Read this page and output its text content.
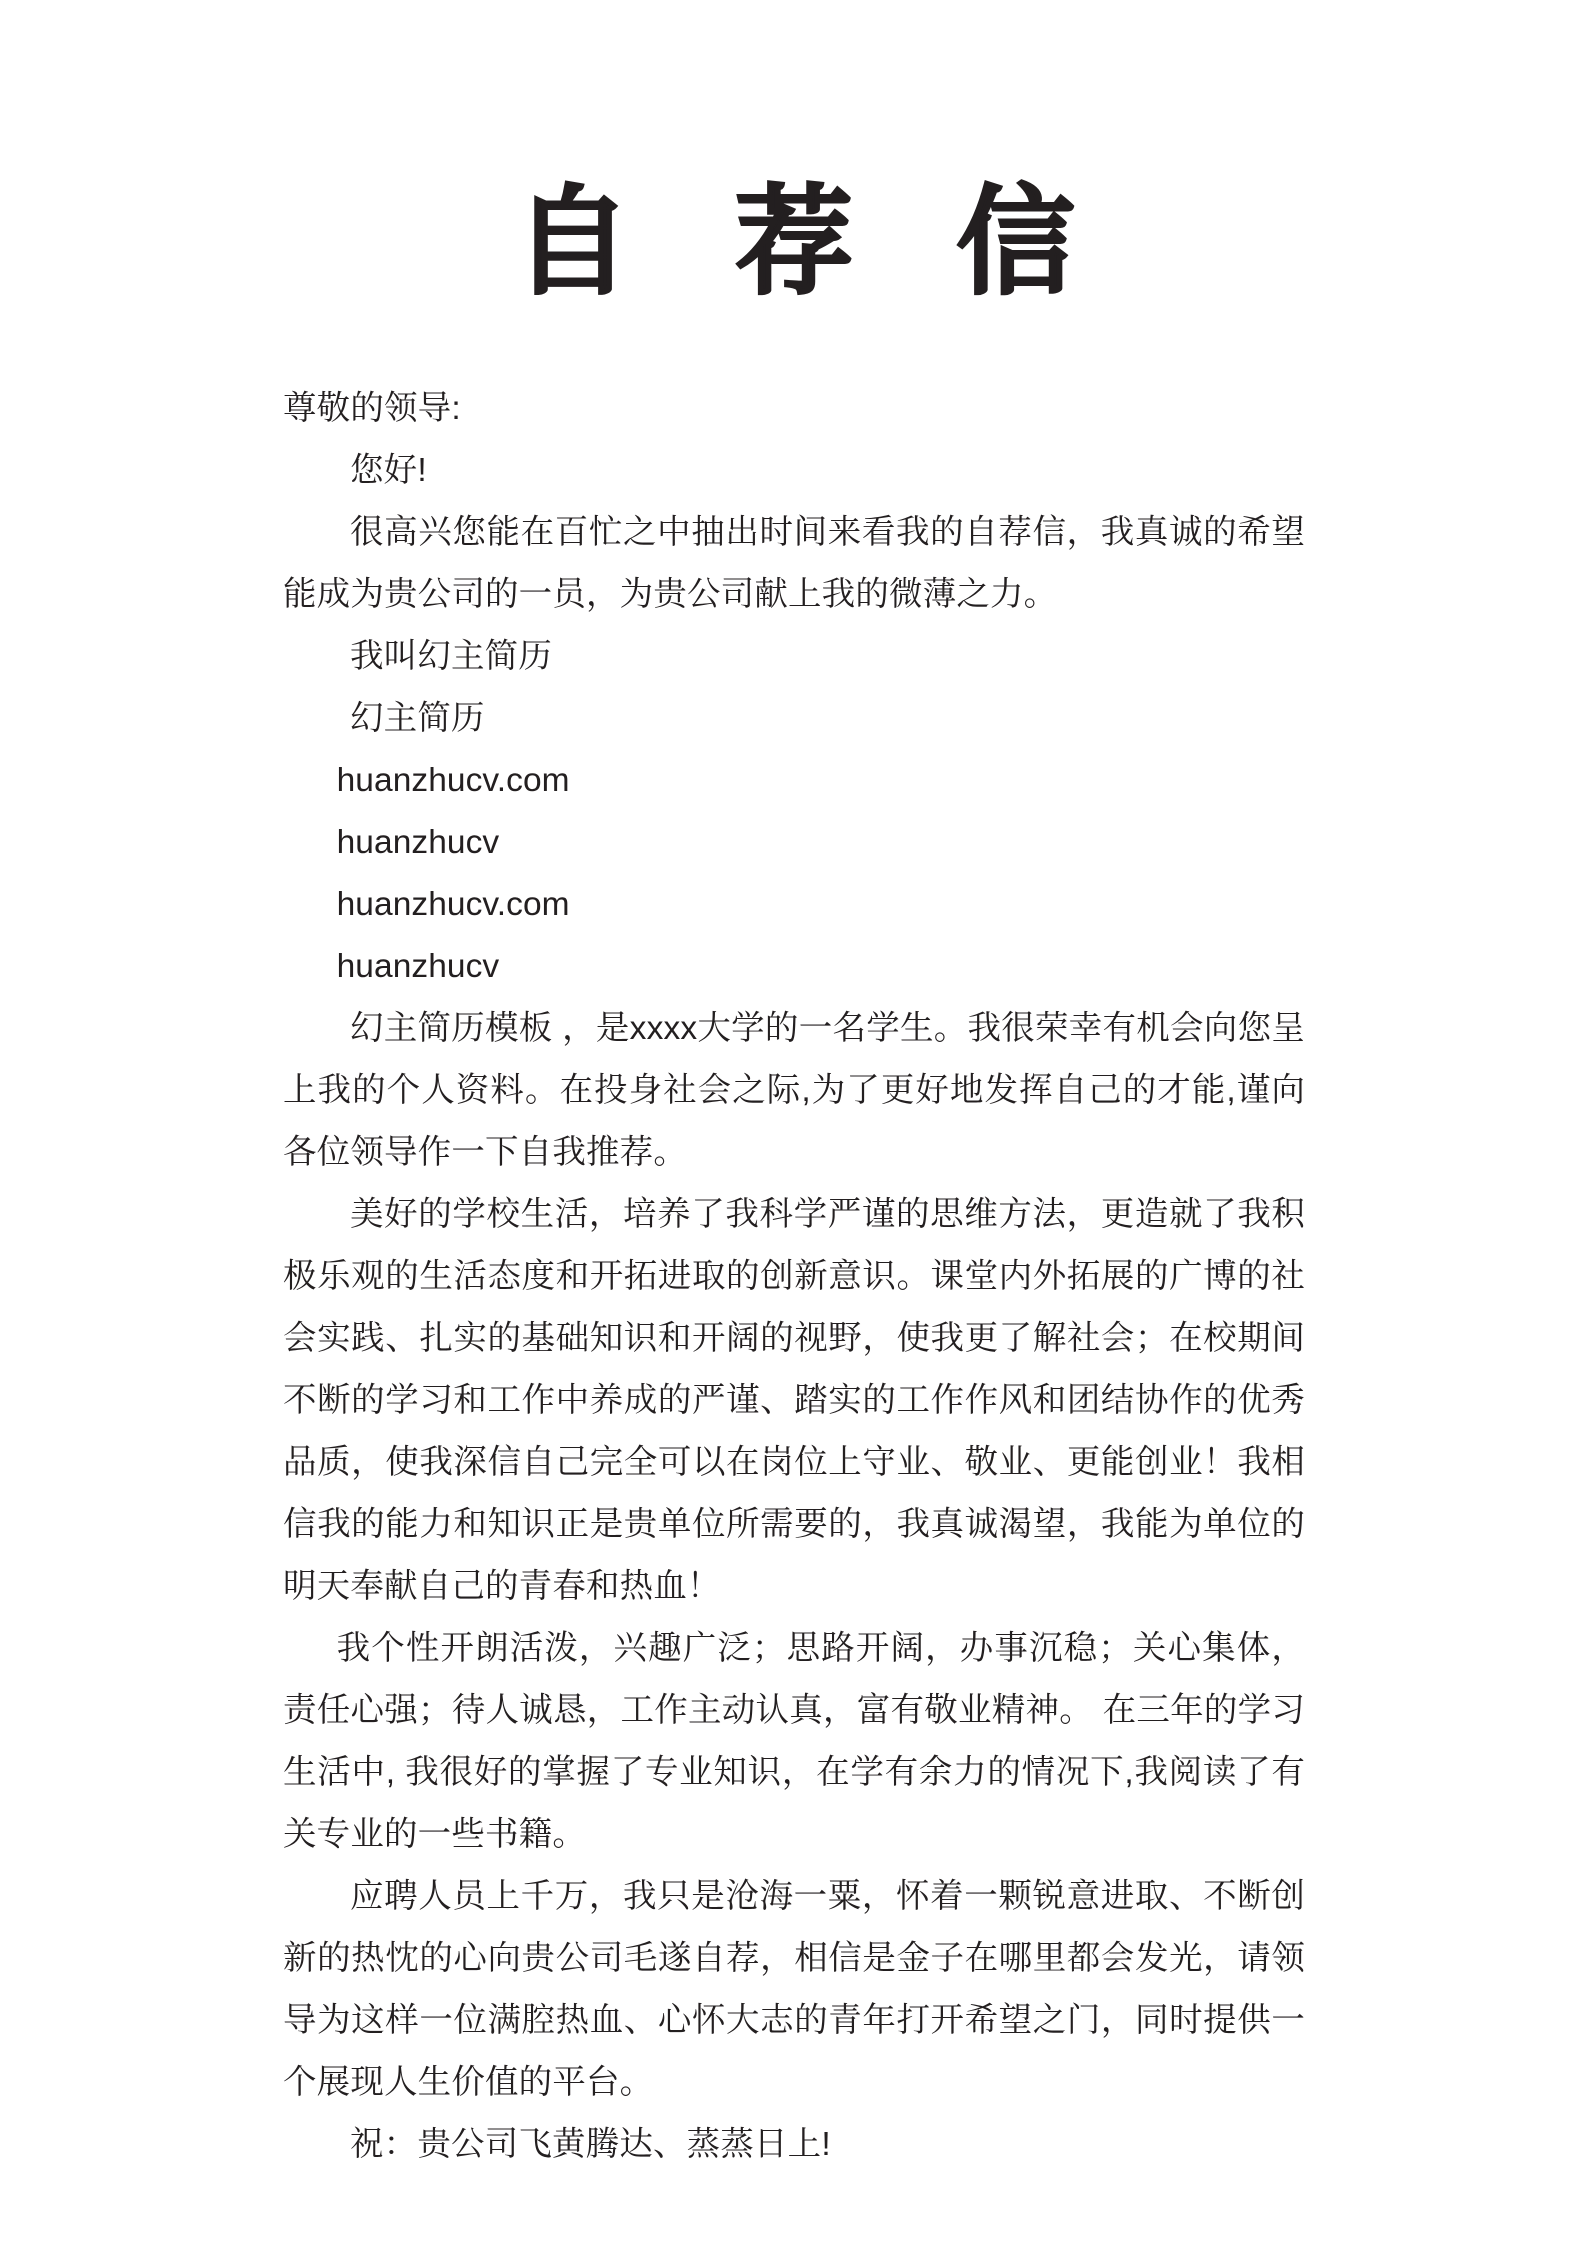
自 荐 信

尊敬的领导:

您好!

很高兴您能在百忙之中抽出时间来看我的自荐信，我真诚的希望能成为贵公司的一员，为贵公司献上我的微薄之力。

我叫幻主简历

幻主简历

huanzhucv.com

huanzhucv

huanzhucv.com

huanzhucv

幻主简历模板 ，是xxxx大学的一名学生。我很荣幸有机会向您呈上我的个人资料。在投身社会之际,为了更好地发挥自己的才能,谨向各位领导作一下自我推荐。

美好的学校生活，培养了我科学严谨的思维方法，更造就了我积极乐观的生活态度和开拓进取的创新意识。课堂内外拓展的广博的社会实践、扎实的基础知识和开阔的视野，使我更了解社会；在校期间不断的学习和工作中养成的严谨、踏实的工作作风和团结协作的优秀品质，使我深信自己完全可以在岗位上守业、敬业、更能创业！我相信我的能力和知识正是贵单位所需要的，我真诚渴望，我能为单位的明天奉献自己的青春和热血！

我个性开朗活泼，兴趣广泛；思路开阔，办事沉稳；关心集体，责任心强；待人诚恳，工作主动认真，富有敬业精神。 在三年的学习生活中, 我很好的掌握了专业知识，在学有余力的情况下,我阅读了有关专业的一些书籍。

应聘人员上千万，我只是沧海一粟，怀着一颗锐意进取、不断创新的热忱的心向贵公司毛遂自荐，相信是金子在哪里都会发光，请领导为这样一位满腔热血、心怀大志的青年打开希望之门，同时提供一个展现人生价值的平台。

祝：贵公司飞黄腾达、蒸蒸日上!
